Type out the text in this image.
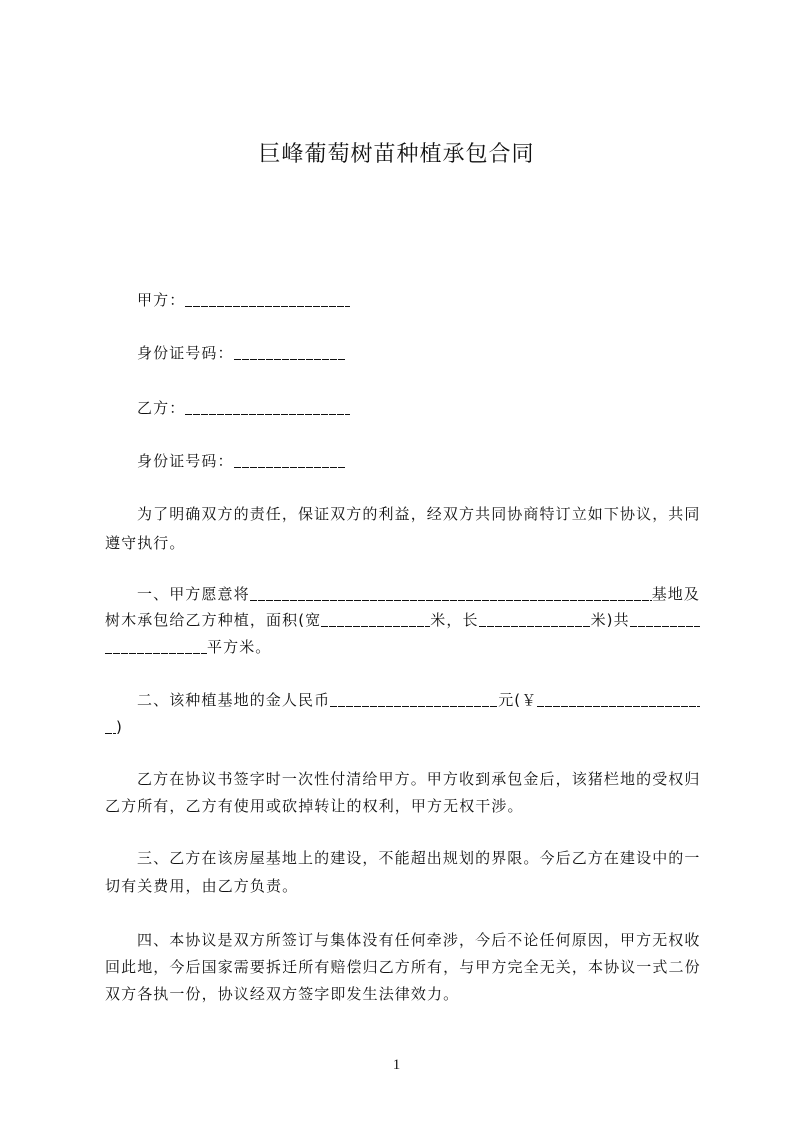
巨峰葡萄树苗种植承包合同
甲方：
身份证号码：
乙方：
身份证号码：
为了明确双方的责任，保证双方的利益，经双方共同协商特订立如下协议，共同
遵守执行。
一、甲方愿意将	基地及
树木承包给乙方种植，面积(宽	米，长	米)共
平方米。
二、该种植基地的金人民币	元(￥
)
乙方在协议书签字时一次性付清给甲方。甲方收到承包金后，该猪栏地的受权归
乙方所有，乙方有使用或砍掉转让的权利，甲方无权干涉。
三、乙方在该房屋基地上的建设，不能超出规划的界限。今后乙方在建设中的一
切有关费用，由乙方负责。
四、本协议是双方所签订与集体没有任何牵涉，今后不论任何原因，甲方无权收
回此地，今后国家需要拆迁所有赔偿归乙方所有，与甲方完全无关，本协议一式二份
双方各执一份，协议经双方签字即发生法律效力。
1
